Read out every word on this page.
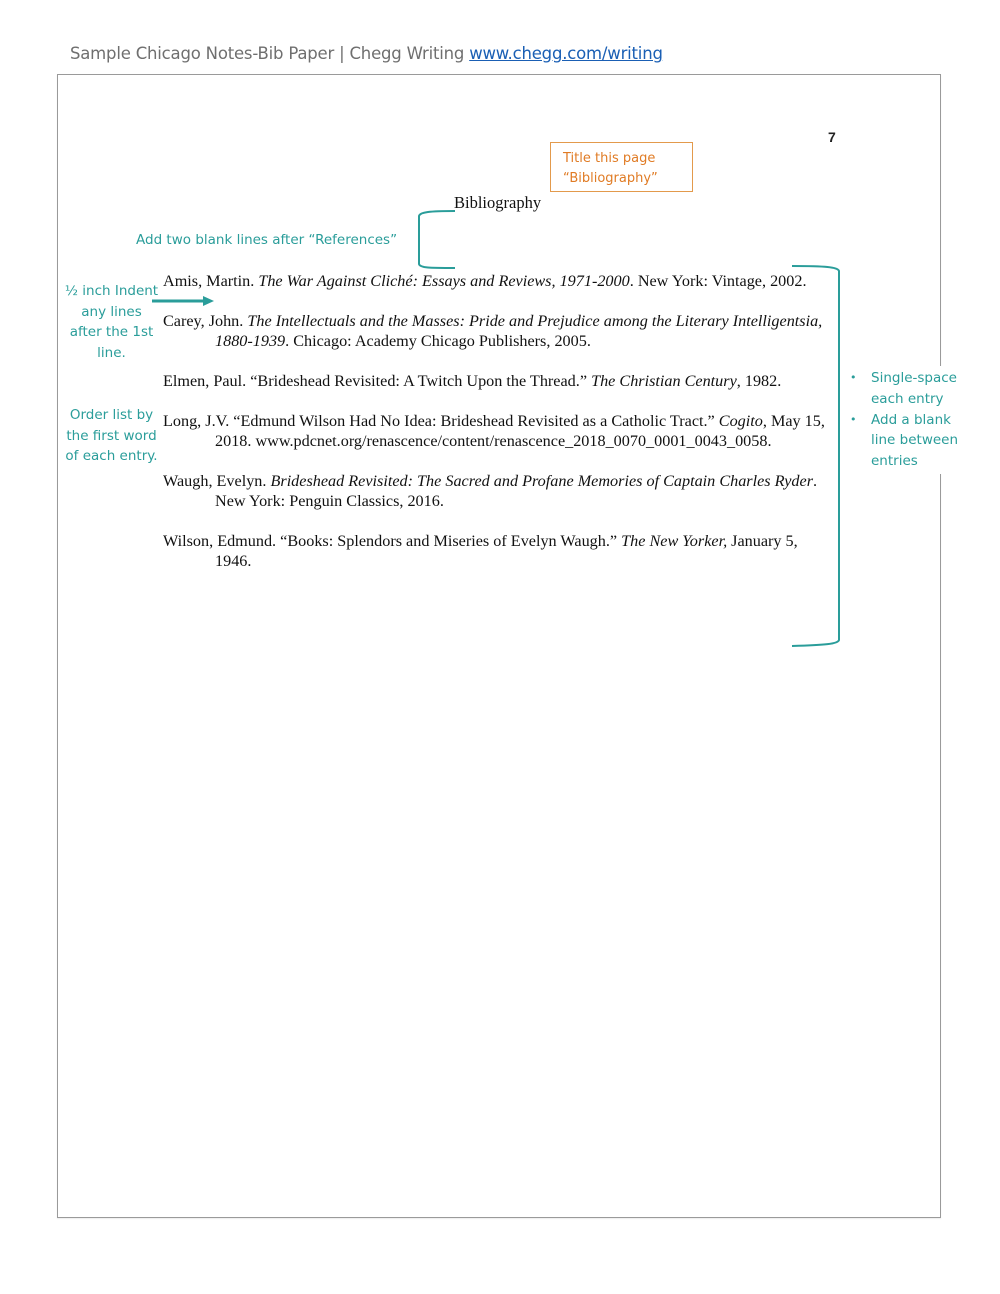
Sample Chicago Notes-Bib Paper | Chegg Writing www.chegg.com/writing
7
Title this page
“Bibliography”
Bibliography
Add two blank lines after “References”
½ inch Indent any lines after the 1st line.
Order list by the first word of each entry.
• Single-space each entry
• Add a blank line between entries
Amis, Martin. The War Against Cliché: Essays and Reviews, 1971-2000. New York: Vintage, 2002.
Carey, John. The Intellectuals and the Masses: Pride and Prejudice among the Literary Intelligentsia, 1880-1939. Chicago: Academy Chicago Publishers, 2005.
Elmen, Paul. “Brideshead Revisited: A Twitch Upon the Thread.” The Christian Century, 1982.
Long, J.V. “Edmund Wilson Had No Idea: Brideshead Revisited as a Catholic Tract.” Cogito, May 15, 2018. www.pdcnet.org/renascence/content/renascence_2018_0070_0001_0043_0058.
Waugh, Evelyn. Brideshead Revisited: The Sacred and Profane Memories of Captain Charles Ryder. New York: Penguin Classics, 2016.
Wilson, Edmund. “Books: Splendors and Miseries of Evelyn Waugh.” The New Yorker, January 5, 1946.
